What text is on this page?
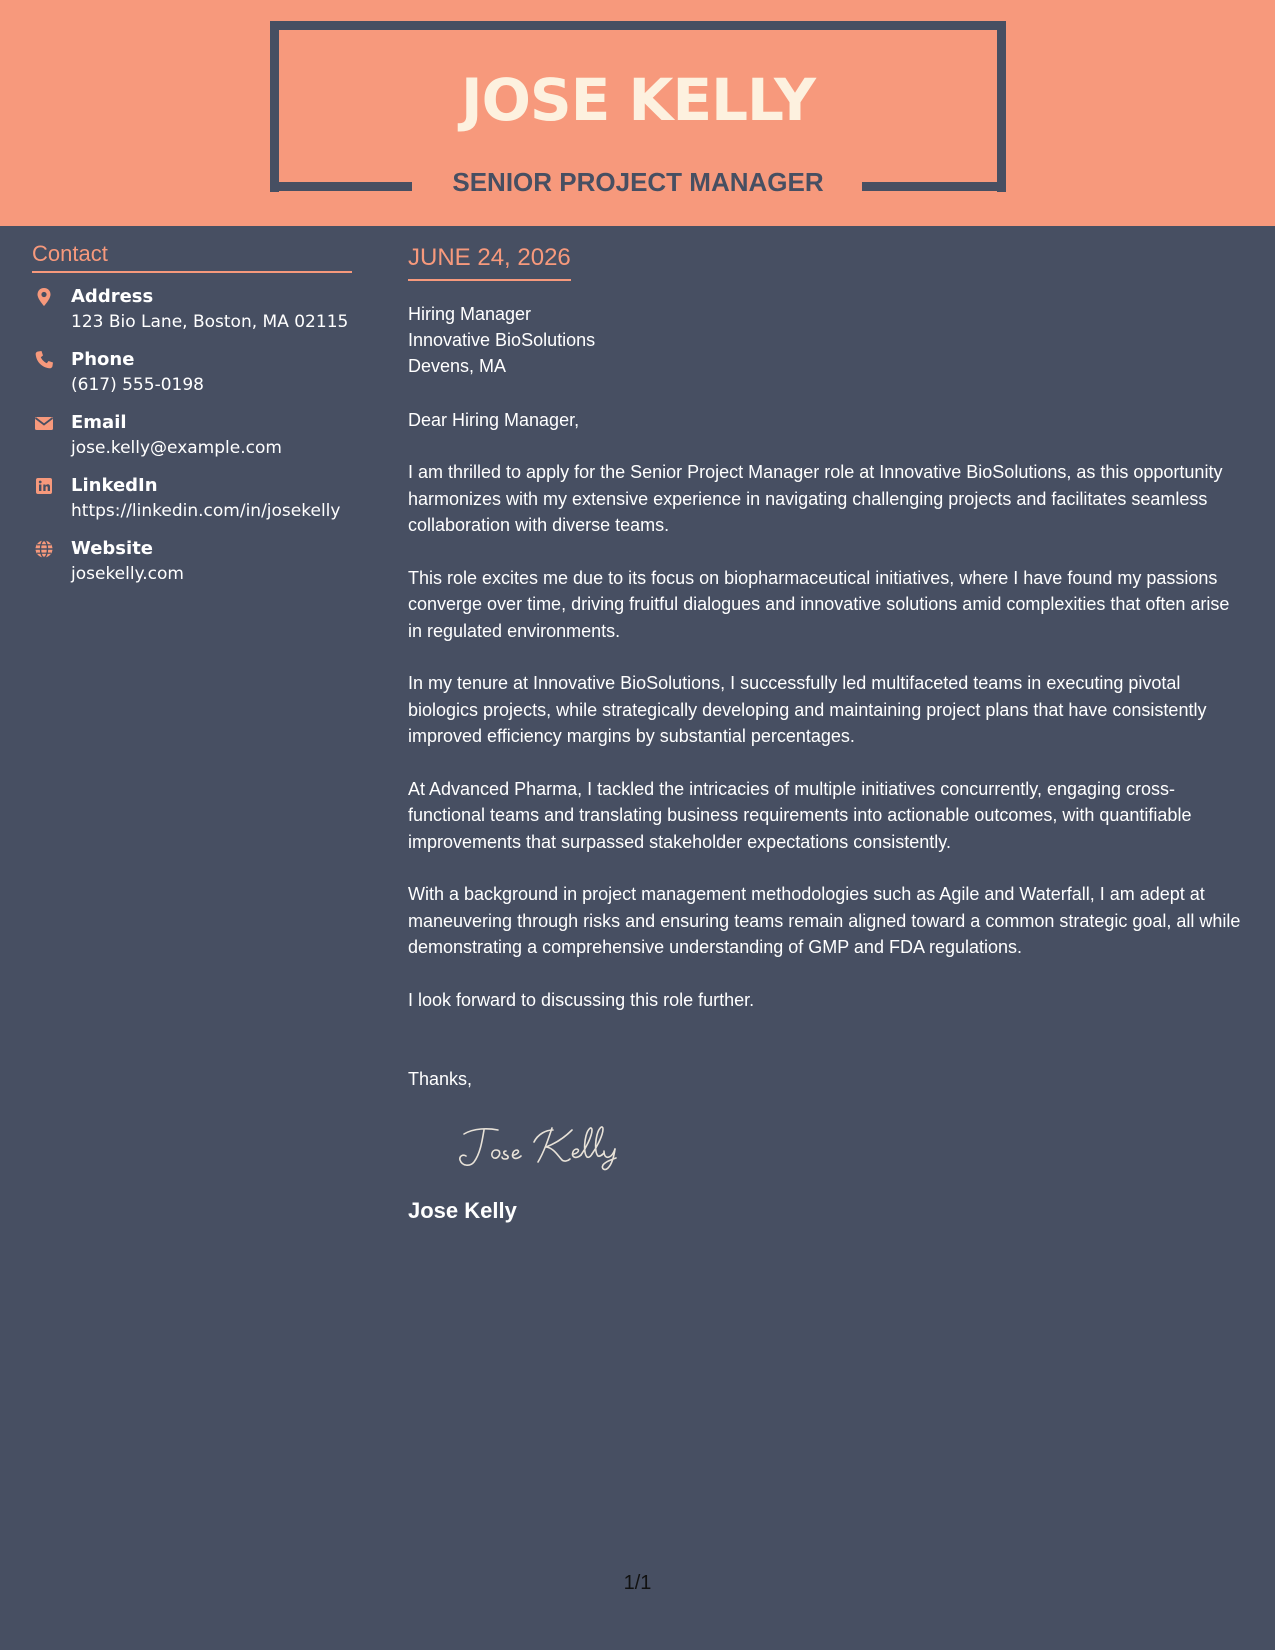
JOSE KELLY
SENIOR PROJECT MANAGER
Contact
Address
123 Bio Lane, Boston, MA 02115
Phone
(617) 555-0198
Email
jose.kelly@example.com
LinkedIn
https://linkedin.com/in/josekelly
Website
josekelly.com
JUNE 24, 2026
Hiring Manager
Innovative BioSolutions
Devens, MA
Dear Hiring Manager,
I am thrilled to apply for the Senior Project Manager role at Innovative BioSolutions, as this opportunity harmonizes with my extensive experience in navigating challenging projects and facilitates seamless collaboration with diverse teams.
This role excites me due to its focus on biopharmaceutical initiatives, where I have found my passions converge over time, driving fruitful dialogues and innovative solutions amid complexities that often arise in regulated environments.
In my tenure at Innovative BioSolutions, I successfully led multifaceted teams in executing pivotal biologics projects, while strategically developing and maintaining project plans that have consistently improved efficiency margins by substantial percentages.
At Advanced Pharma, I tackled the intricacies of multiple initiatives concurrently, engaging cross-functional teams and translating business requirements into actionable outcomes, with quantifiable improvements that surpassed stakeholder expectations consistently.
With a background in project management methodologies such as Agile and Waterfall, I am adept at maneuvering through risks and ensuring teams remain aligned toward a common strategic goal, all while demonstrating a comprehensive understanding of GMP and FDA regulations.
I look forward to discussing this role further.
Thanks,
Jose Kelly
1/1
